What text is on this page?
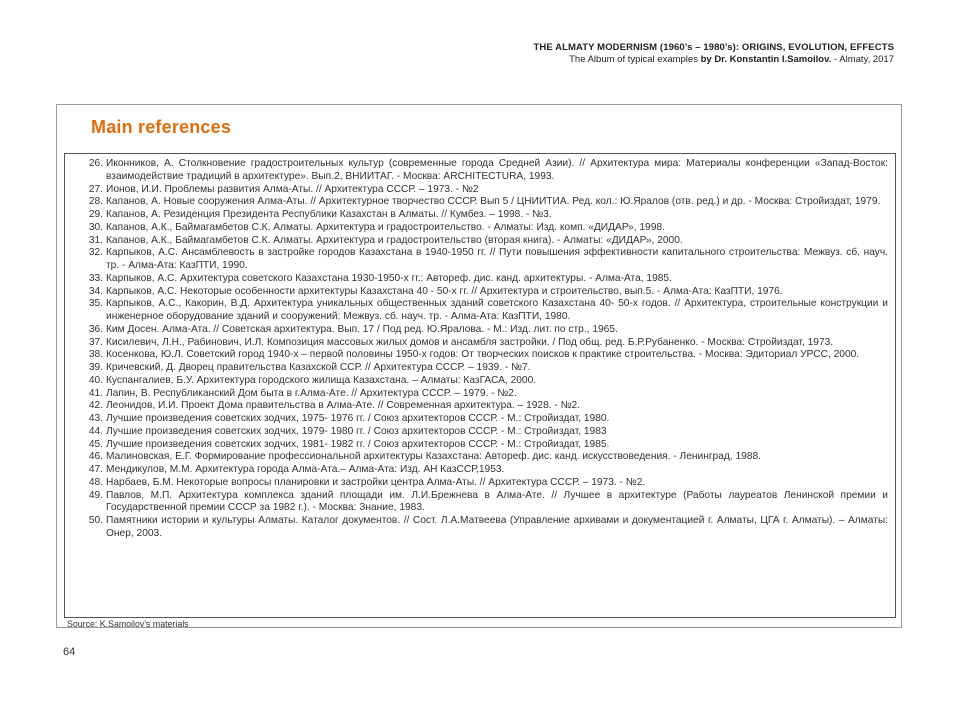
THE ALMATY MODERNISM (1960’s – 1980’s): ORIGINS, EVOLUTION, EFFECTS
The Album of typical examples by Dr. Konstantin I.Samoilov. - Almaty, 2017
Main references
26. Иконников, А. Столкновение градостроительных культур (современные города Средней Азии). // Архитектура мира: Материалы конференции «Запад-Восток: взаимодействие традиций в архитектуре». Вып.2, ВНИИТАГ. - Москва: ARCHITECTURA, 1993.
27. Ионов, И.И. Проблемы развития Алма-Аты. // Архитектура СССР. – 1973. - №2
28. Капанов, А. Новые сооружения Алма-Аты. // Архитектурное творчество СССР. Вып 5 / ЦНИИТИА. Ред. кол.: Ю.Яралов (отв. ред.) и др. - Москва: Стройиздат, 1979.
29. Капанов, А. Резиденция Президента Республики Казахстан в Алматы. // Кумбез. – 1998. - №3.
30. Капанов, А.К., Баймагамбетов С.К. Алматы. Архитектура и градостроительство. - Алматы: Изд. комп. «ДИДАР», 1998.
31. Капанов, А.К., Баймагамбетов С.К. Алматы. Архитектура и градостроительство (вторая книга). - Алматы: «ДИДАР», 2000.
32. Карпыков, А.С. Ансамблевость в застройке городов Казахстана в 1940-1950 гг. // Пути повышения эффективности капитального строительства: Межвуз. сб. науч. тр. - Алма-Ата: КазПТИ, 1990.
33. Карпыков, А.С. Архитектура советского Казахстана 1930-1950-х гг.: Автореф. дис. канд. архитектуры. - Алма-Ата, 1985.
34. Карпыков, А.С. Некоторые особенности архитектуры Казахстана 40 - 50-х гг. // Архитектура и строительство, вып.5. - Алма-Ата: КазПТИ, 1976.
35. Карпыков, А.С., Какорин, В.Д. Архитектура уникальных общественных зданий советского Казахстана 40- 50-х годов. // Архитектура, строительные конструкции и инженерное оборудование зданий и сооружений: Межвуз. сб. науч. тр. - Алма-Ата: КазПТИ, 1980.
36. Ким Досен. Алма-Ата. // Советская архитектура. Вып. 17 / Под ред. Ю.Яралова. - М.: Изд. лит. по стр., 1965.
37. Кисилевич, Л.Н., Рабинович, И.Л. Композиция массовых жилых домов и ансамбля застройки. / Под общ. ред. Б.Р.Рубаненко. - Москва: Стройиздат, 1973.
38. Косенкова, Ю.Л. Советский город 1940-х – первой половины 1950-х годов: От творческих поисков к практике строительства. - Москва: Эдиториал УРСС, 2000.
39. Кричевский, Д. Дворец правительства Казахской ССР. // Архитектура СССР. – 1939. - №7.
40. Куспангалиев, Б.У. Архитектура городского жилища Казахстана. – Алматы: КазГАСА, 2000.
41. Лапин, В. Республиканский Дом быта в г.Алма-Ате. // Архитектура СССР. – 1979. - №2.
42. Леонидов, И.И. Проект Дома правительства в Алма-Ате. // Современная архитектура. – 1928. - №2.
43. Лучшие произведения советских зодчих, 1975- 1976 гг. / Союз архитекторов СССР. - М.: Стройиздат, 1980.
44. Лучшие произведения советских зодчих, 1979- 1980 гг. / Союз архитекторов СССР. - М.: Стройиздат, 1983
45. Лучшие произведения советских зодчих, 1981- 1982 гг. / Союз архитекторов СССР. - М.: Стройиздат, 1985.
46. Малиновская, Е.Г. Формирование профессиональной архитектуры Казахстана: Автореф. дис. канд. искусствоведения. - Ленинград, 1988.
47. Мендикулов, М.М. Архитектура города Алма-Ата.– Алма-Ата: Изд. АН КазССР,1953.
48. Нарбаев, Б.М. Некоторые вопросы планировки и застройки центра Алма-Аты. // Архитектура СССР. – 1973. - №2.
49. Павлов, М.П. Архитектура комплекса зданий площади им. Л.И.Брежнева в Алма-Ате. // Лучшее в архитектуре (Работы лауреатов Ленинской премии и Государственной премии СССР за 1982 г.). - Москва: Знание, 1983.
50. Памятники истории и культуры Алматы. Каталог документов. // Сост. Л.А.Матвеева (Управление архивами и документацией г. Алматы, ЦГА г. Алматы). – Алматы: Онер, 2003.
Source: K.Samoilov’s materials
64
